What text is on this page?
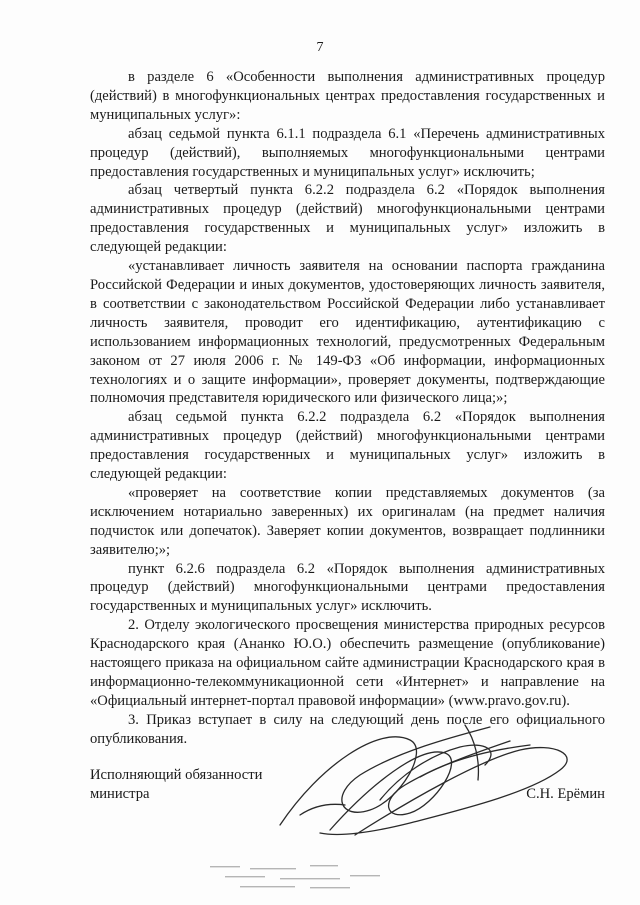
7

в разделе 6 «Особенности выполнения административных процедур (действий) в многофункциональных центрах предоставления государственных и муниципальных услуг»:

абзац седьмой пункта 6.1.1 подраздела 6.1 «Перечень административных процедур (действий), выполняемых многофункциональными центрами предоставления государственных и муниципальных услуг» исключить;

абзац четвертый пункта 6.2.2 подраздела 6.2 «Порядок выполнения административных процедур (действий) многофункциональными центрами предоставления государственных и муниципальных услуг» изложить в следующей редакции:

«устанавливает личность заявителя на основании паспорта гражданина Российской Федерации и иных документов, удостоверяющих личность заявителя, в соответствии с законодательством Российской Федерации либо устанавливает личность заявителя, проводит его идентификацию, аутентификацию с использованием информационных технологий, предусмотренных Федеральным законом от 27 июля 2006 г. № 149-ФЗ «Об информации, информационных технологиях и о защите информации», проверяет документы, подтверждающие полномочия представителя юридического или физического лица;»;

абзац седьмой пункта 6.2.2 подраздела 6.2 «Порядок выполнения административных процедур (действий) многофункциональными центрами предоставления государственных и муниципальных услуг» изложить в следующей редакции:

«проверяет на соответствие копии представляемых документов (за исключением нотариально заверенных) их оригиналам (на предмет наличия подчисток или допечаток). Заверяет копии документов, возвращает подлинники заявителю;»;

пункт 6.2.6 подраздела 6.2 «Порядок выполнения административных процедур (действий) многофункциональными центрами предоставления государственных и муниципальных услуг» исключить.

2. Отделу экологического просвещения министерства природных ресурсов Краснодарского края (Ананко Ю.О.) обеспечить размещение (опубликование) настоящего приказа на официальном сайте администрации Краснодарского края в информационно-телекоммуникационной сети «Интернет» и направление на «Официальный интернет-портал правовой информации» (www.pravo.gov.ru).

3. Приказ вступает в силу на следующий день после его официального опубликования.

Исполняющий обязанности
министра	С.Н. Ерёмин
